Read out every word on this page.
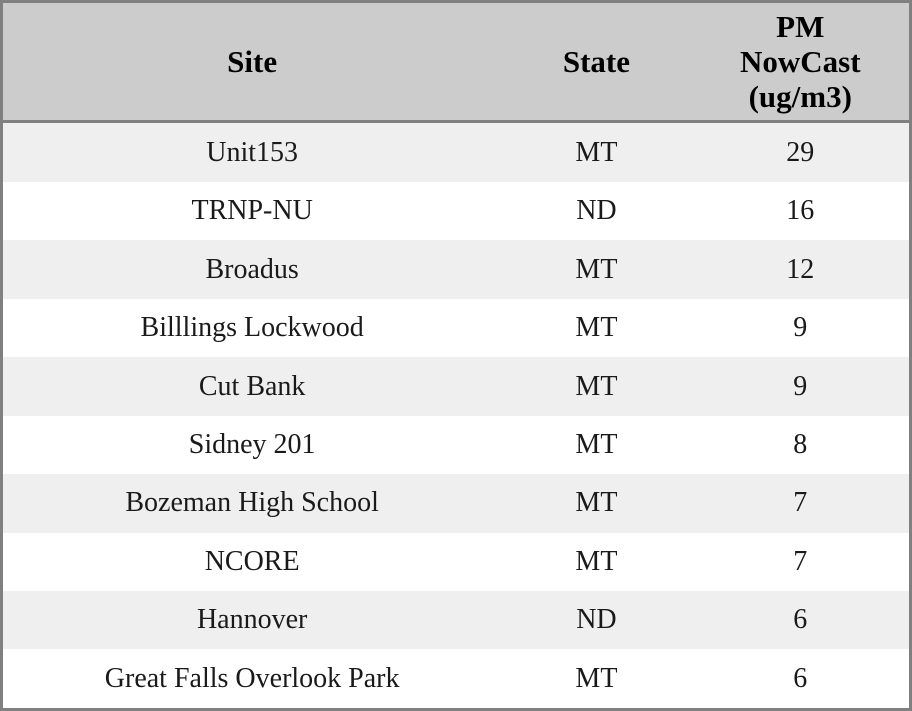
Site	State	PM
NowCast
(ug/m3)
Unit153	MT	29
TRNP-NU	ND	16
Broadus	MT	12
Billlings Lockwood	MT	9
Cut Bank	MT	9
Sidney 201	MT	8
Bozeman High School	MT	7
NCORE	MT	7
Hannover	ND	6
Great Falls Overlook Park	MT	6
